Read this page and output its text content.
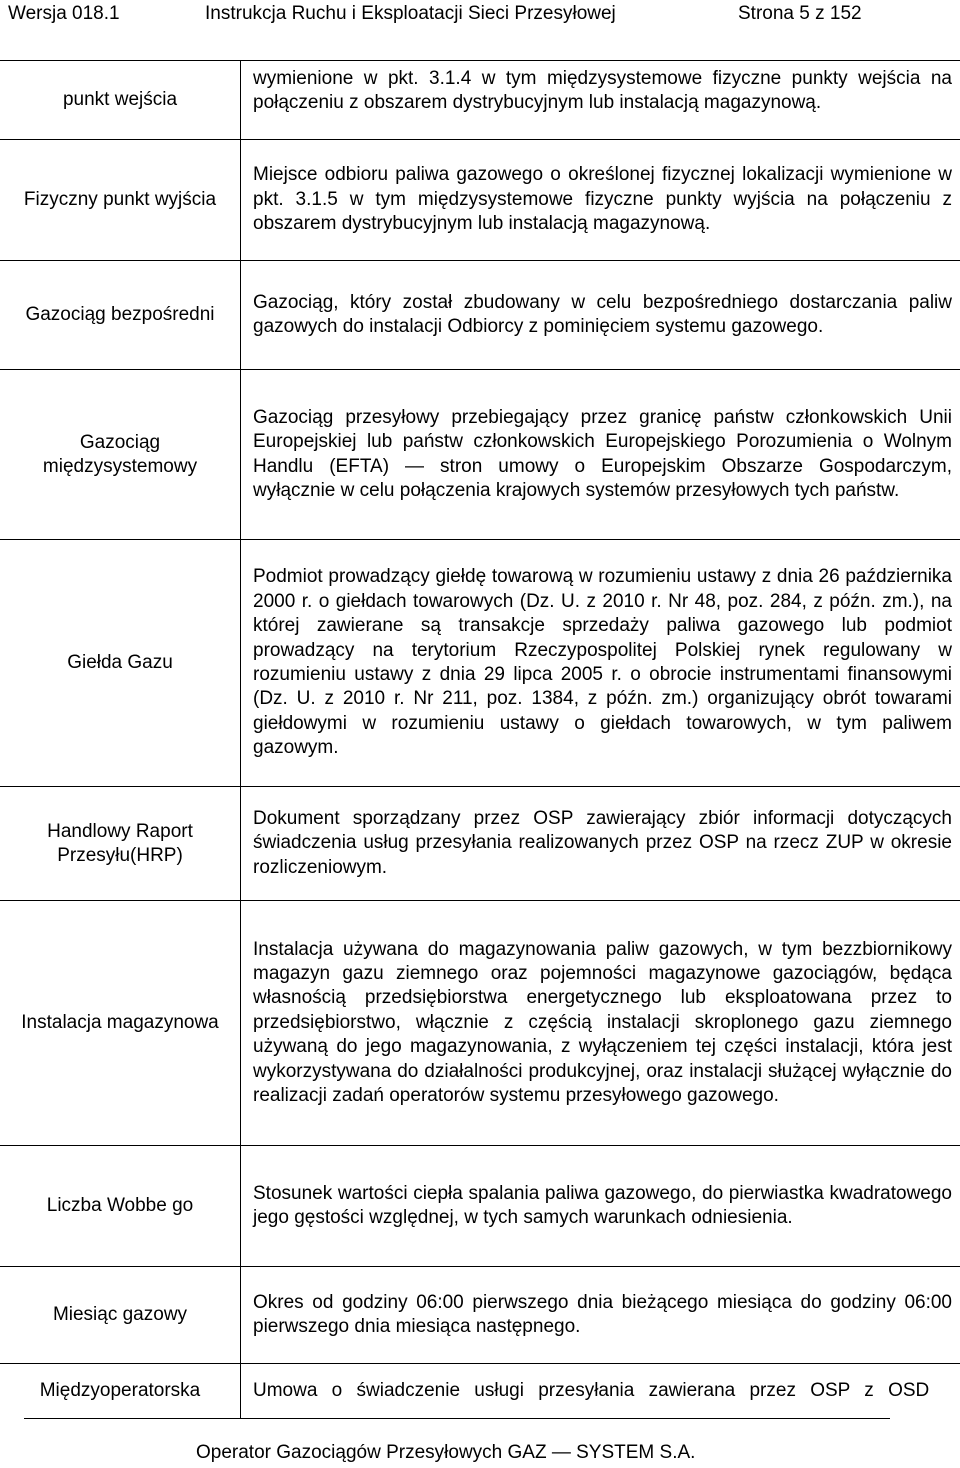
Wersja 018.1	Instrukcja Ruchu i Eksploatacji Sieci Przesyłowej	Strona 5 z 152
punkt wejścia	wymienione w pkt. 3.1.4 w tym międzysystemowe fizyczne punkty wejścia na połączeniu z obszarem dystrybucyjnym lub instalacją magazynową.

Fizyczny punkt wyjścia	Miejsce odbioru paliwa gazowego o określonej fizycznej lokalizacji wymienione w pkt. 3.1.5 w tym międzysystemowe fizyczne punkty wyjścia na połączeniu z obszarem dystrybucyjnym lub instalacją magazynową.

Gazociąg bezpośredni	Gazociąg, który został zbudowany w celu bezpośredniego dostarczania paliw gazowych do instalacji Odbiorcy z pominięciem systemu gazowego.

Gazociąg międzysystemowy	Gazociąg przesyłowy przebiegający przez granicę państw członkowskich Unii Europejskiej lub państw członkowskich Europejskiego Porozumienia o Wolnym Handlu (EFTA) — stron umowy o Europejskim Obszarze Gospodarczym, wyłącznie w celu połączenia krajowych systemów przesyłowych tych państw.

Giełda Gazu	Podmiot prowadzący giełdę towarową w rozumieniu ustawy z dnia 26 października 2000 r. o giełdach towarowych (Dz. U. z 2010 r. Nr 48, poz. 284, z późn. zm.), na której zawierane są transakcje sprzedaży paliwa gazowego lub podmiot prowadzący na terytorium Rzeczypospolitej Polskiej rynek regulowany w rozumieniu ustawy z dnia 29 lipca 2005 r. o obrocie instrumentami finansowymi (Dz. U. z 2010 r. Nr 211, poz. 1384, z późn. zm.) organizujący obrót towarami giełdowymi w rozumieniu ustawy o giełdach towarowych, w tym paliwem gazowym.

Handlowy Raport Przesyłu(HRP)	Dokument sporządzany przez OSP zawierający zbiór informacji dotyczących świadczenia usług przesyłania realizowanych przez OSP na rzecz ZUP w okresie rozliczeniowym.

Instalacja magazynowa	Instalacja używana do magazynowania paliw gazowych, w tym bezzbiornikowy magazyn gazu ziemnego oraz pojemności magazynowe gazociągów, będąca własnością przedsiębiorstwa energetycznego lub eksploatowana przez to przedsiębiorstwo, włącznie z częścią instalacji skroplonego gazu ziemnego używaną do jego magazynowania, z wyłączeniem tej części instalacji, która jest wykorzystywana do działalności produkcyjnej, oraz instalacji służącej wyłącznie do realizacji zadań operatorów systemu przesyłowego gazowego.

Liczba Wobbe go	Stosunek wartości ciepła spalania paliwa gazowego, do pierwiastka kwadratowego jego gęstości względnej, w tych samych warunkach odniesienia.

Miesiąc gazowy	Okres od godziny 06:00 pierwszego dnia bieżącego miesiąca do godziny 06:00 pierwszego dnia miesiąca następnego.

Międzyoperatorska	Umowa o świadczenie usługi przesyłania zawierana przez OSP z OSD
Operator Gazociągów Przesyłowych GAZ — SYSTEM S.A.
